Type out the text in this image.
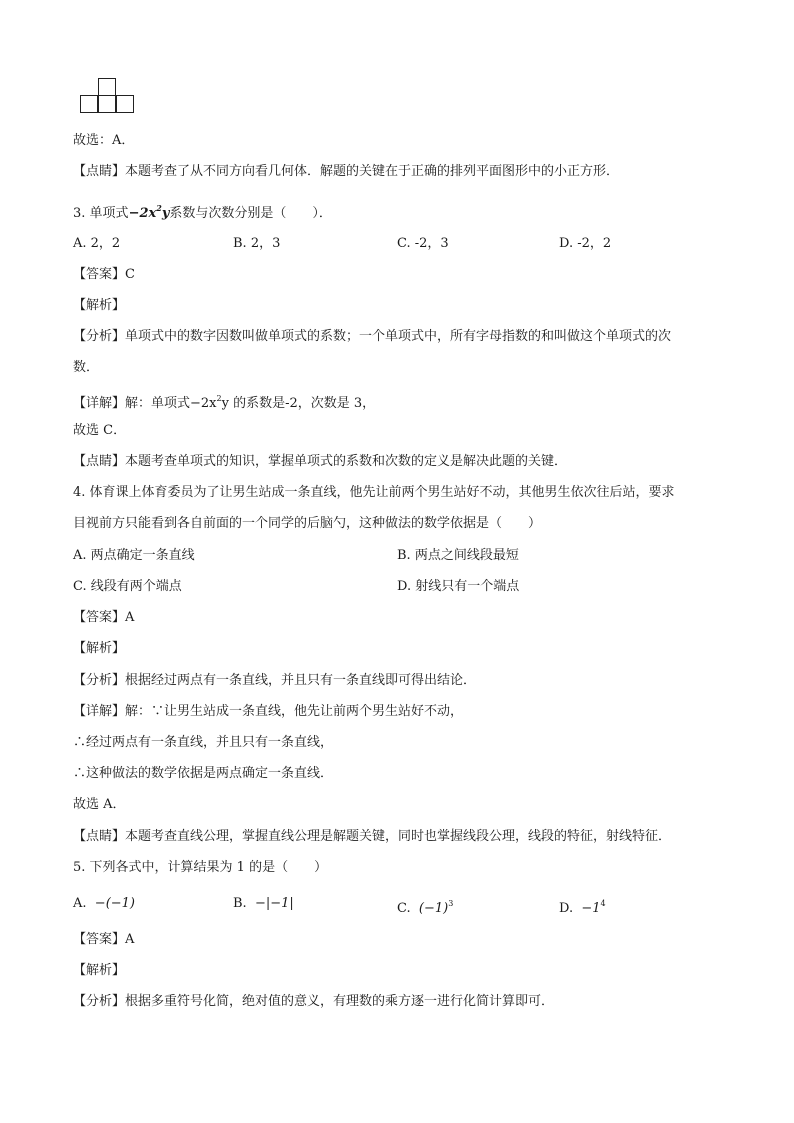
故选：A．
【点睛】本题考查了从不同方向看几何体．解题的关键在于正确的排列平面图形中的小正方形．
3. 单项式$-2x^2y$系数与次数分别是（　　）．
A. 2，2	B. 2，3	C. -2，3	D. -2，2
【答案】C
【解析】
【分析】单项式中的数字因数叫做单项式的系数；一个单项式中，所有字母指数的和叫做这个单项式的次
数．
【详解】解：单项式$-2x^2y$ 的系数是-2，次数是 3，
故选 C．
【点睛】本题考查单项式的知识，掌握单项式的系数和次数的定义是解决此题的关键．
4. 体育课上体育委员为了让男生站成一条直线，他先让前两个男生站好不动，其他男生依次往后站，要求
目视前方只能看到各自前面的一个同学的后脑勺，这种做法的数学依据是（　　）
A. 两点确定一条直线	B. 两点之间线段最短
C. 线段有两个端点	D. 射线只有一个端点
【答案】A
【解析】
【分析】根据经过两点有一条直线，并且只有一条直线即可得出结论．
【详解】解：∵让男生站成一条直线，他先让前两个男生站好不动，
∴经过两点有一条直线，并且只有一条直线，
∴这种做法的数学依据是两点确定一条直线．
故选 A．
【点睛】本题考查直线公理，掌握直线公理是解题关键，同时也掌握线段公理，线段的特征，射线特征．
5. 下列各式中，计算结果为 1 的是（　　）
A. −(−1)	B. −|−1|	C. $(-1)^3$	D. $-1^4$
【答案】A
【解析】
【分析】根据多重符号化简，绝对值的意义，有理数的乘方逐一进行化简计算即可．
